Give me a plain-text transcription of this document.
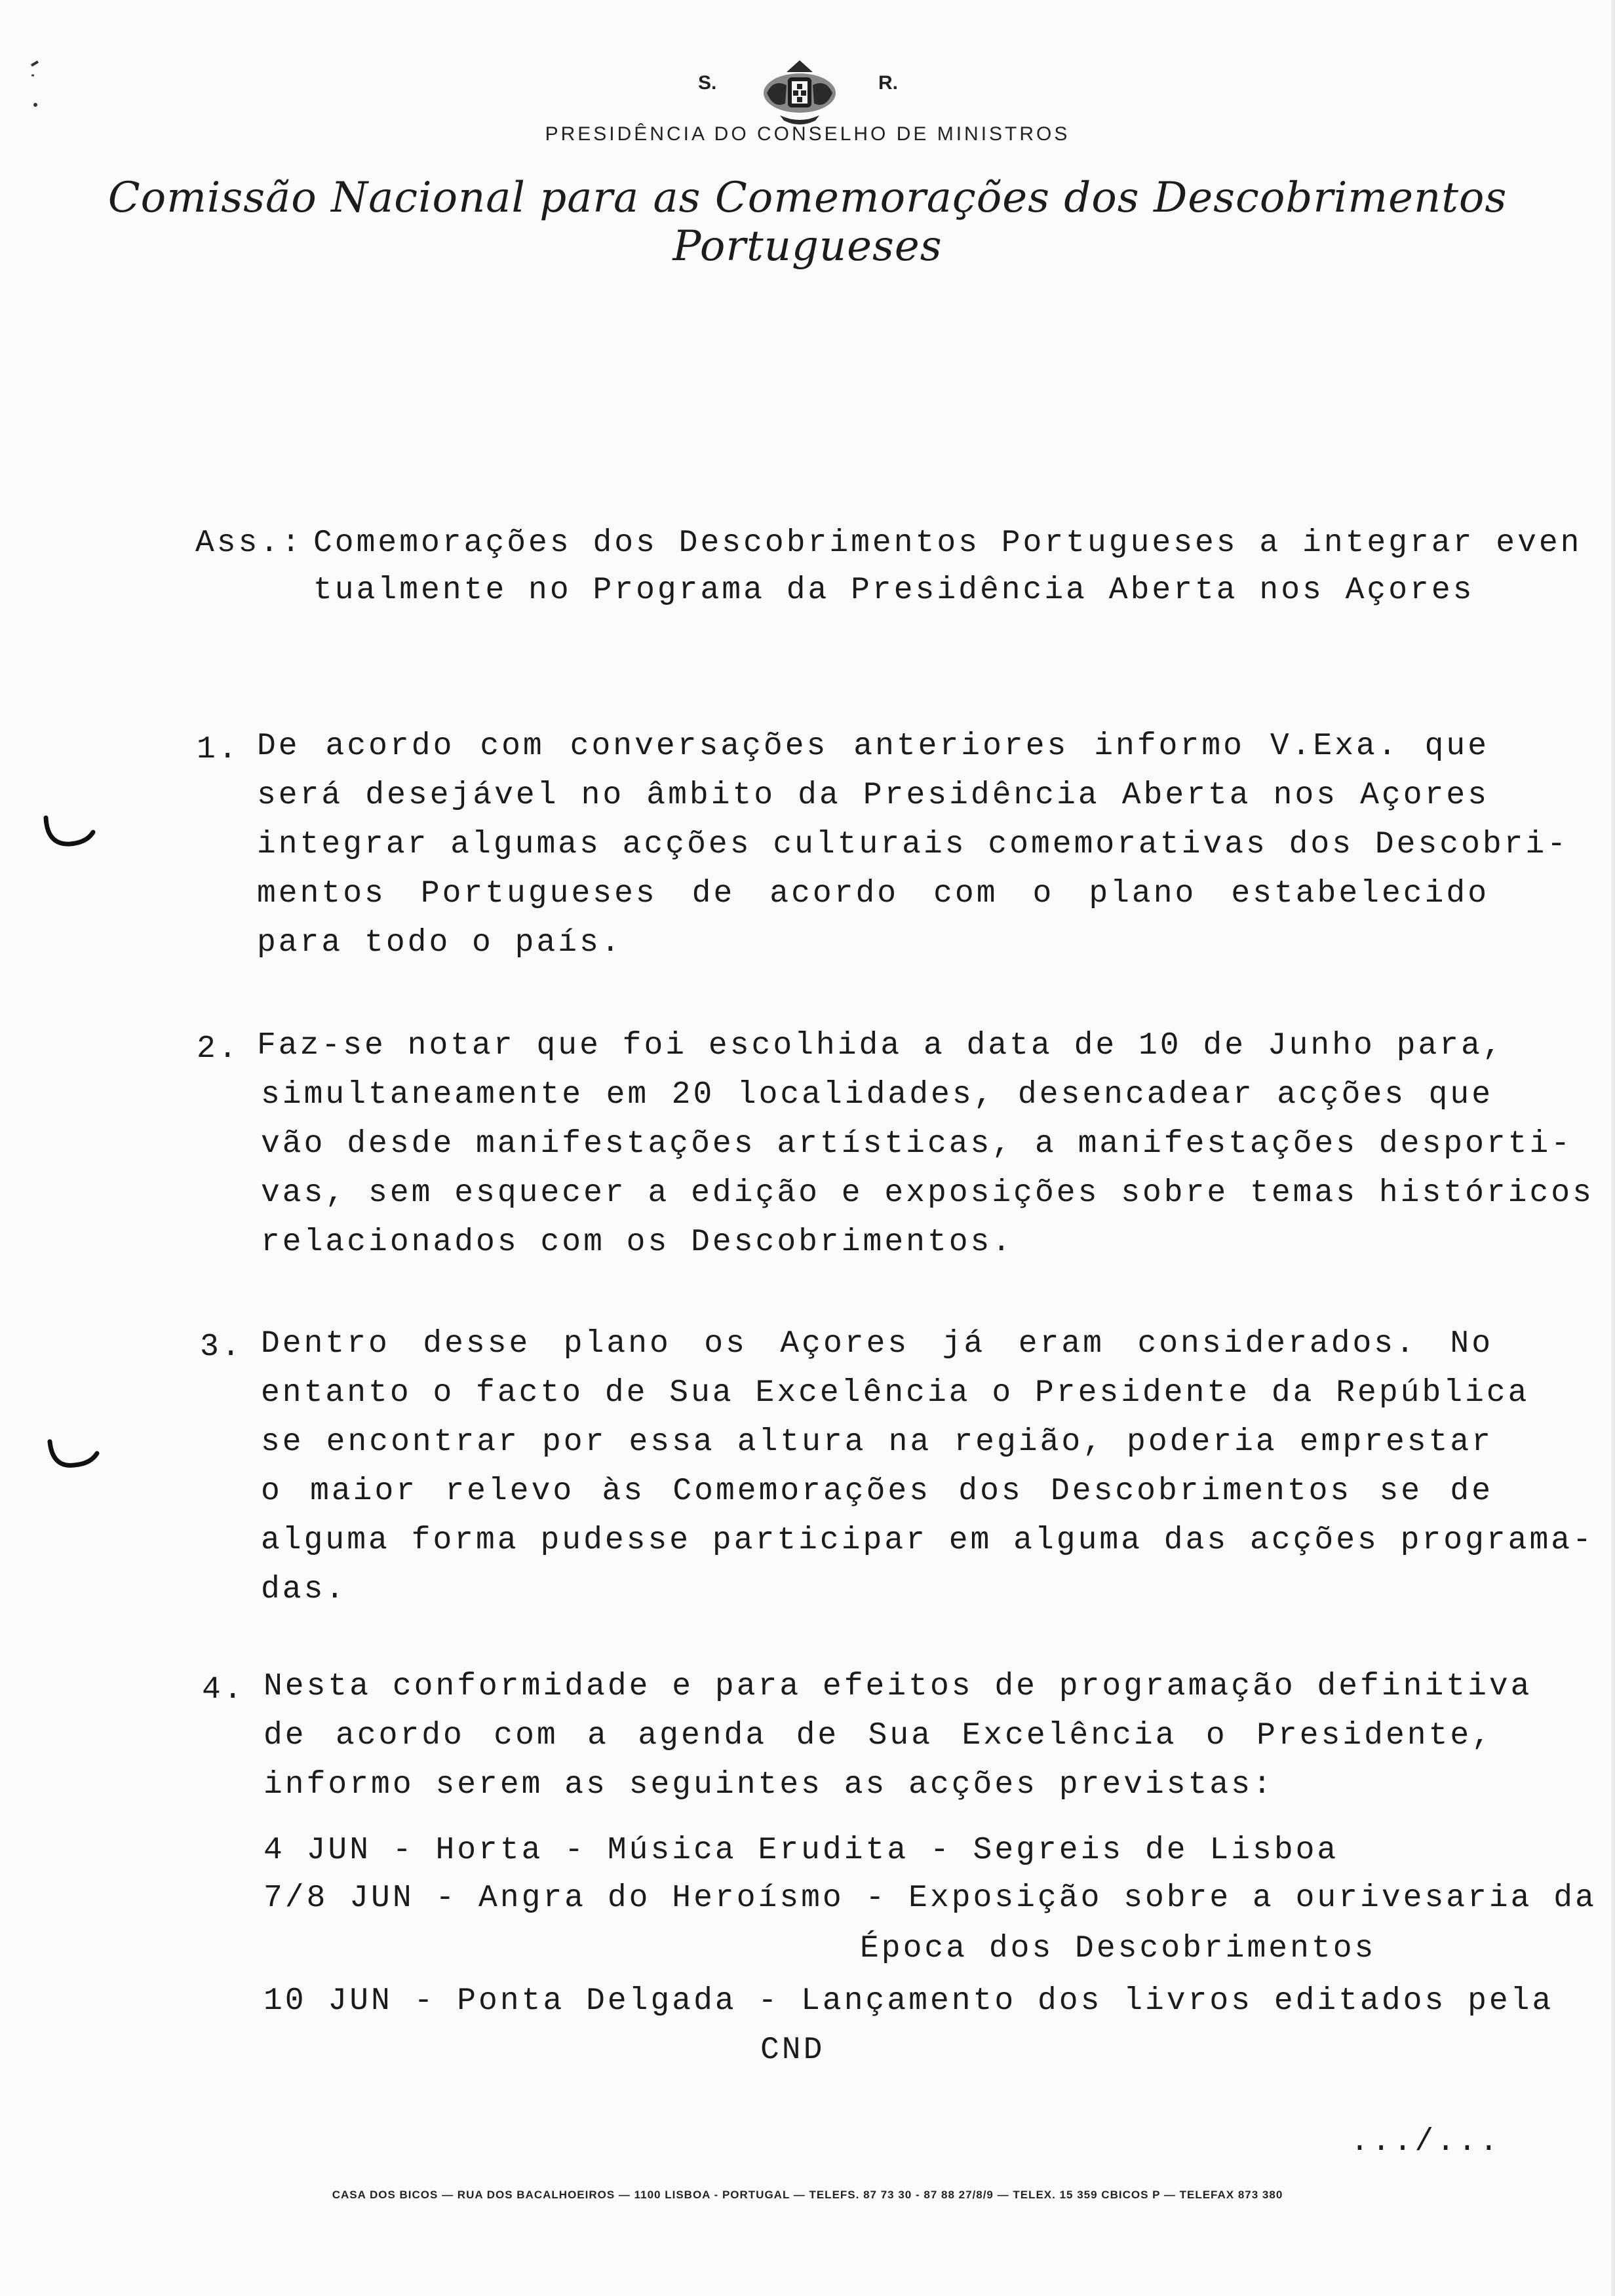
S.	R.
PRESIDÊNCIA DO CONSELHO DE MINISTROS
Comissão Nacional para as Comemorações dos Descobrimentos Portugueses

Ass.:

Comemorações dos Descobrimentos Portugueses a integrar even

tualmente no Programa da Presidência Aberta nos Açores

1.

De acordo com conversações anteriores informo V.Exa. que

será desejável no âmbito da Presidência Aberta nos Açores

integrar algumas acções culturais comemorativas dos Descobri-

mentos Portugueses de acordo com o plano estabelecido

para todo o país.

2.

Faz-se notar que foi escolhida a data de 10 de Junho para,

simultaneamente em 20 localidades, desencadear acções que

vão desde manifestações artísticas, a manifestações desporti-

vas, sem esquecer a edição e exposições sobre temas históricos

relacionados com os Descobrimentos.

3.

Dentro desse plano os Açores já eram considerados. No

entanto o facto de Sua Excelência o Presidente da República

se encontrar por essa altura na região, poderia emprestar

o maior relevo às Comemorações dos Descobrimentos se de

alguma forma pudesse participar em alguma das acções programa-

das.

4.

Nesta conformidade e para efeitos de programação definitiva

de acordo com a agenda de Sua Excelência o Presidente,

informo serem as seguintes as acções previstas:

4 JUN - Horta - Música Erudita - Segreis de Lisboa

7/8 JUN - Angra do Heroísmo - Exposição sobre a ourivesaria da

Época dos Descobrimentos

10 JUN - Ponta Delgada - Lançamento dos livros editados pela

CND

.../...
CASA DOS BICOS — RUA DOS BACALHOEIROS — 1100 LISBOA - PORTUGAL — TELEFS. 87 73 30 - 87 88 27/8/9 — TELEX. 15 359 CBICOS P — TELEFAX 873 380
